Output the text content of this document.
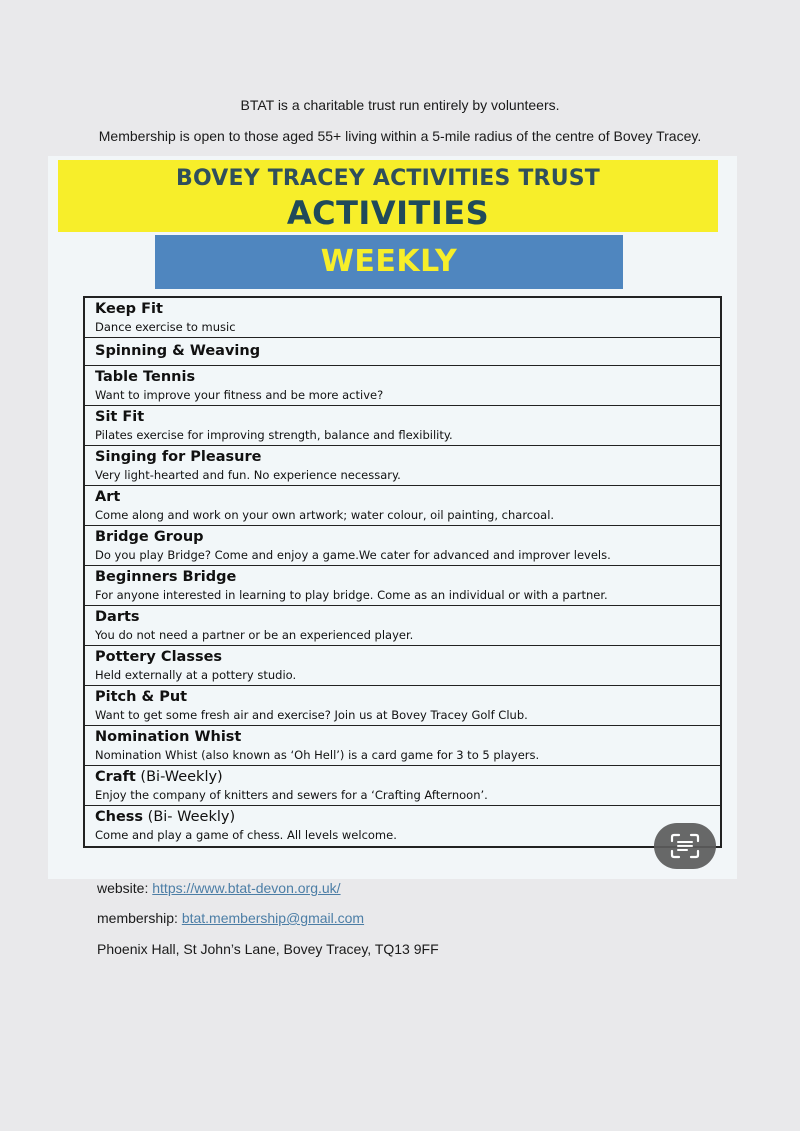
BTAT is a charitable trust run entirely by volunteers.
Membership is open to those aged 55+ living within a 5-mile radius of the centre of Bovey Tracey.
BOVEY TRACEY ACTIVITIES TRUST
ACTIVITIES
WEEKLY
Keep Fit
Dance exercise to music
Spinning & Weaving
Table Tennis
Want to improve your fitness and be more active?
Sit Fit
Pilates exercise for improving strength, balance and flexibility.
Singing for Pleasure
Very light-hearted and fun. No experience necessary.
Art
Come along and work on your own artwork; water colour, oil painting, charcoal.
Bridge Group
Do you play Bridge? Come and enjoy a game.We cater for advanced and improver levels.
Beginners Bridge
For anyone interested in learning to play bridge. Come as an individual or with a partner.
Darts
You do not need a partner or be an experienced player.
Pottery Classes
Held externally at a pottery studio.
Pitch & Put
Want to get some fresh air and exercise? Join us at Bovey Tracey Golf Club.
Nomination Whist
Nomination Whist (also known as ‘Oh Hell’) is a card game for 3 to 5 players.
Craft (Bi-Weekly)
Enjoy the company of knitters and sewers for a ‘Crafting Afternoon’.
Chess (Bi- Weekly)
Come and play a game of chess. All levels welcome.
website: https://www.btat-devon.org.uk/
membership: btat.membership@gmail.com
Phoenix Hall, St John’s Lane, Bovey Tracey, TQ13 9FF
